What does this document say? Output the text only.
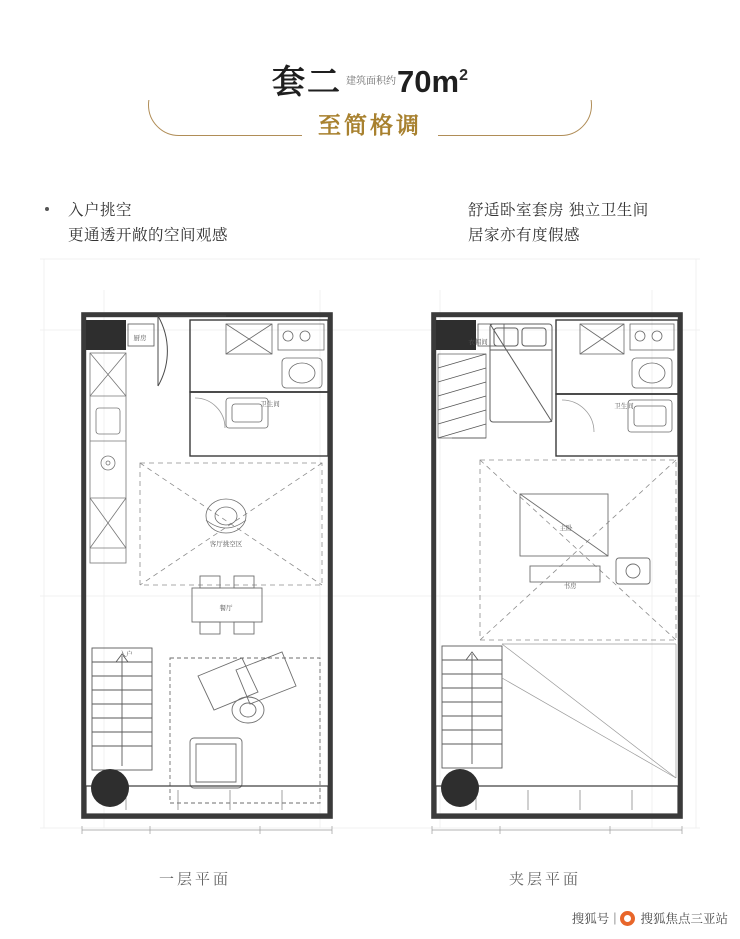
套二 建筑面积约70m2
至简格调
入户挑空
更通透开敞的空间观感
舒适卧室套房 独立卫生间
居家亦有度假感
厨房
卫生间
客厅挑空区
餐厅
入户
一层平面
衣帽间
卫生间
主卧
书房
夹层平面
搜狐号 | 搜狐焦点三亚站
